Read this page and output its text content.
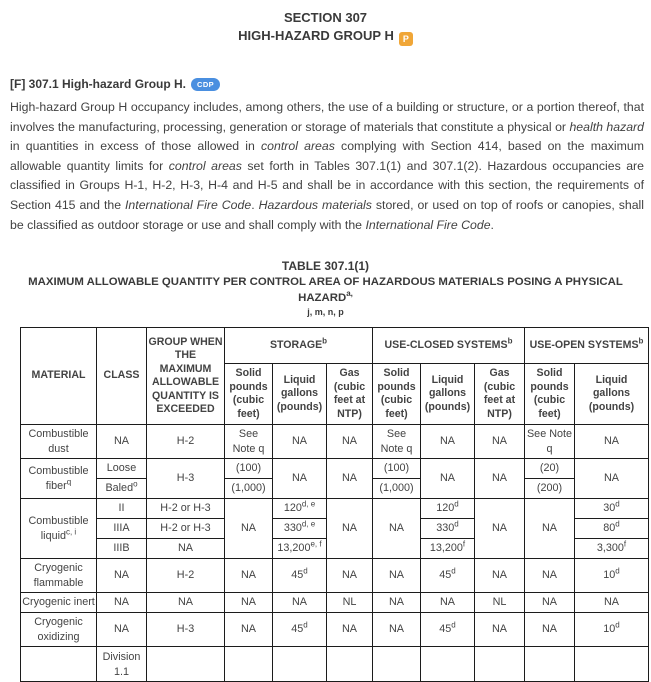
SECTION 307
HIGH-HAZARD GROUP H P
[F] 307.1 High-hazard Group H. CDP

High-hazard Group H occupancy includes, among others, the use of a building or structure, or a portion thereof, that involves the manufacturing, processing, generation or storage of materials that constitute a physical or health hazard in quantities in excess of those allowed in control areas complying with Section 414, based on the maximum allowable quantity limits for control areas set forth in Tables 307.1(1) and 307.1(2). Hazardous occupancies are classified in Groups H-1, H-2, H-3, H-4 and H-5 and shall be in accordance with this section, the requirements of Section 415 and the International Fire Code. Hazardous materials stored, or used on top of roofs or canopies, shall be classified as outdoor storage or use and shall comply with the International Fire Code.

TABLE 307.1(1)
MAXIMUM ALLOWABLE QUANTITY PER CONTROL AREA OF HAZARDOUS MATERIALS POSING A PHYSICAL $HAZARD^{a,}$
j, m, n, p
MATERIAL	CLASS	GROUP WHEN THE MAXIMUM ALLOWABLE QUANTITY IS EXCEEDED	STORAGE$^b$			USE-CLOSED SYSTEMS$^b$			USE-OPEN SYSTEMS$^b$
			Solid pounds (cubic feet)	Liquid gallons (pounds)	Gas (cubic feet at NTP)	Solid pounds (cubic feet)	Liquid gallons (pounds)	Gas (cubic feet at NTP)	Solid pounds (cubic feet)	Liquid gallons (pounds)
Combustible dust	NA	H-2	See Note q	NA	NA	See Note q	NA	NA	See Note q	NA
Combustible fiber$^q$	Loose	H-3	(100)	NA	NA	(100)	NA	NA	(20)	NA
	Baled$^o$		(1,000)			(1,000)			(200)	
Combustible liquid$^{c, i}$	II	H-2 or H-3	NA	120$^{d, e}$	NA	NA	120$^d$	NA	NA	30$^d$
	IIIA	H-2 or H-3		330$^{d, e}$			330$^d$			80$^d$
	IIIB	NA		13,200$^{e, f}$			13,200$^f$			3,300$^f$
Cryogenic flammable	NA	H-2	NA	45$^d$	NA	NA	45$^d$	NA	NA	10$^d$
Cryogenic inert	NA	NA	NA	NA	NL	NA	NA	NL	NA	NA
Cryogenic oxidizing	NA	H-3	NA	45$^d$	NA	NA	45$^d$	NA	NA	10$^d$
	Division 1.1									
